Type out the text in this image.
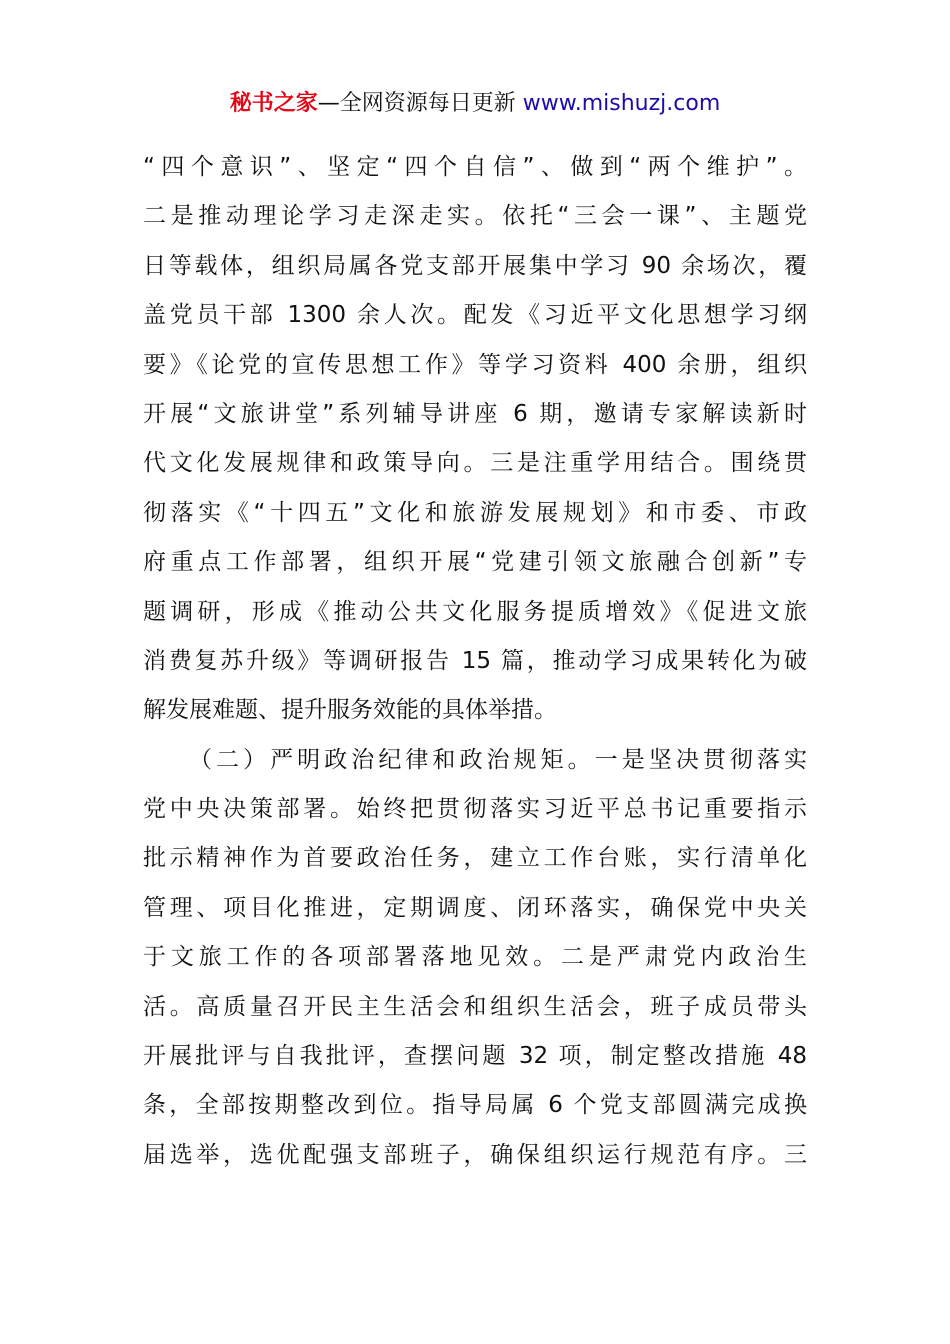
秘书之家—全网资源每日更新 www.mishuzj.com
“四个意识”、坚定“四个自信”、做到“两个维护”。
二是推动理论学习走深走实。依托“三会一课”、主题党
日等载体，组织局属各党支部开展集中学习 90 余场次，覆
盖党员干部 1300 余人次。配发《习近平文化思想学习纲
要》《论党的宣传思想工作》等学习资料 400 余册，组织
开展“文旅讲堂”系列辅导讲座 6 期，邀请专家解读新时
代文化发展规律和政策导向。三是注重学用结合。围绕贯
彻落实《“十四五”文化和旅游发展规划》和市委、市政
府重点工作部署，组织开展“党建引领文旅融合创新”专
题调研，形成《推动公共文化服务提质增效》《促进文旅
消费复苏升级》等调研报告 15 篇，推动学习成果转化为破
解发展难题、提升服务效能的具体举措。
（二）严明政治纪律和政治规矩。一是坚决贯彻落实
党中央决策部署。始终把贯彻落实习近平总书记重要指示
批示精神作为首要政治任务，建立工作台账，实行清单化
管理、项目化推进，定期调度、闭环落实，确保党中央关
于文旅工作的各项部署落地见效。二是严肃党内政治生
活。高质量召开民主生活会和组织生活会，班子成员带头
开展批评与自我批评，查摆问题 32 项，制定整改措施 48
条，全部按期整改到位。指导局属 6 个党支部圆满完成换
届选举，选优配强支部班子，确保组织运行规范有序。三
